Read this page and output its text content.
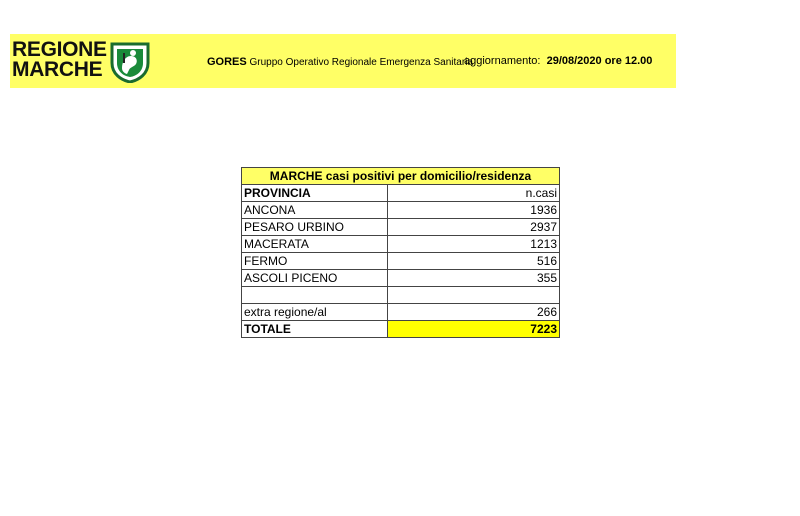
REGIONE
MARCHE	GORES Gruppo Operativo Regionale Emergenza Sanitaria
aggiornamento: 29/08/2020 ore 12.00
MARCHE casi positivi per domicilio/residenza	
PROVINCIA	n.casi
ANCONA	1936
PESARO URBINO	2937
MACERATA	1213
FERMO	516
ASCOLI PICENO	355

extra regione/al	266
TOTALE	7223
